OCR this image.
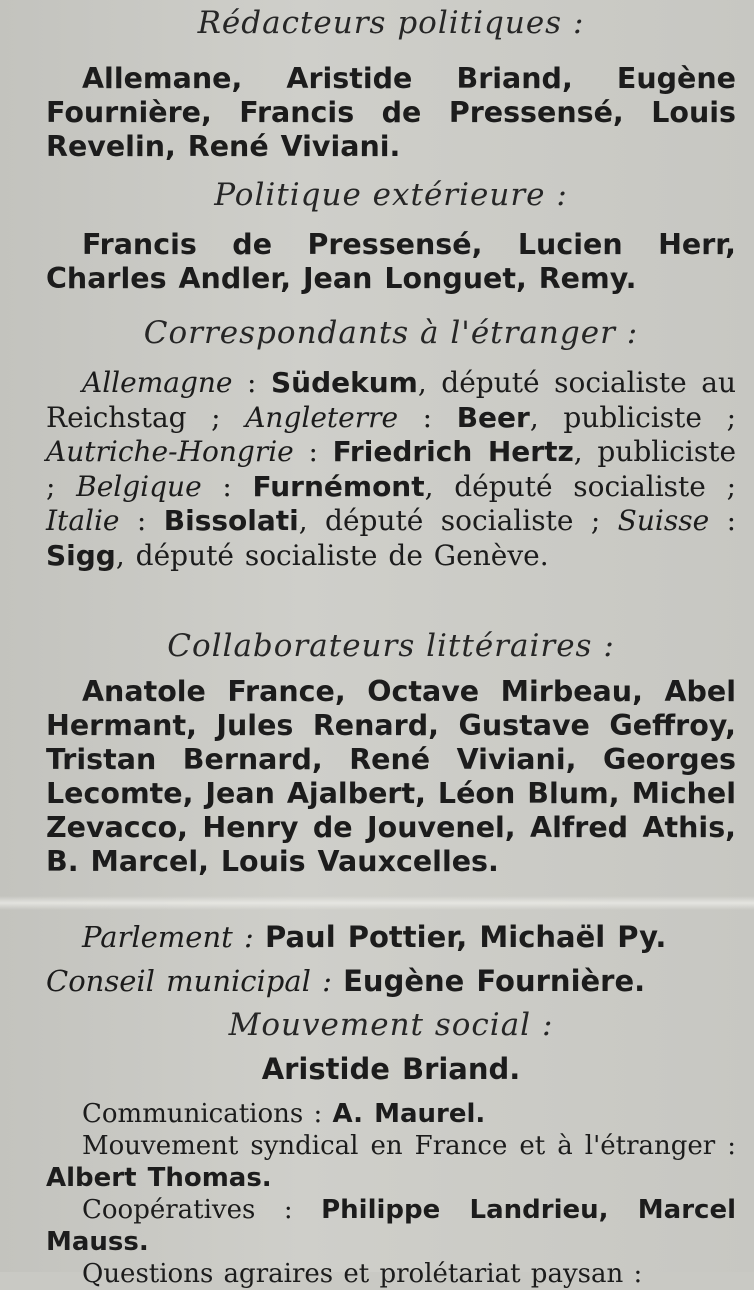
Rédacteurs politiques :

Allemane, Aristide Briand, Eugène Fournière, Francis de Pressensé, Louis Revelin, René Viviani.

Politique extérieure :

Francis de Pressensé, Lucien Herr, Charles Andler, Jean Longuet, Remy.

Correspondants à l'étranger :

Allemagne : Südekum, député socialiste au Reichstag ; Angleterre : Beer, publiciste ; Autriche-Hongrie : Friedrich Hertz, publiciste ; Belgique : Furnémont, député socialiste ; Italie : Bissolati, député socialiste ; Suisse : Sigg, député socialiste de Genève.

Collaborateurs littéraires :

Anatole France, Octave Mirbeau, Abel Hermant, Jules Renard, Gustave Geffroy, Tristan Bernard, René Viviani, Georges Lecomte, Jean Ajalbert, Léon Blum, Michel Zevacco, Henry de Jouvenel, Alfred Athis, B. Marcel, Louis Vauxcelles.

Parlement : Paul Pottier, Michaël Py.

Conseil municipal : Eugène Fournière.

Mouvement social :

Aristide Briand.

Communications : A. Maurel.

Mouvement syndical en France et à l'étranger : Albert Thomas.

Coopératives : Philippe Landrieu, Marcel Mauss.

Questions agraires et prolétariat paysan :
